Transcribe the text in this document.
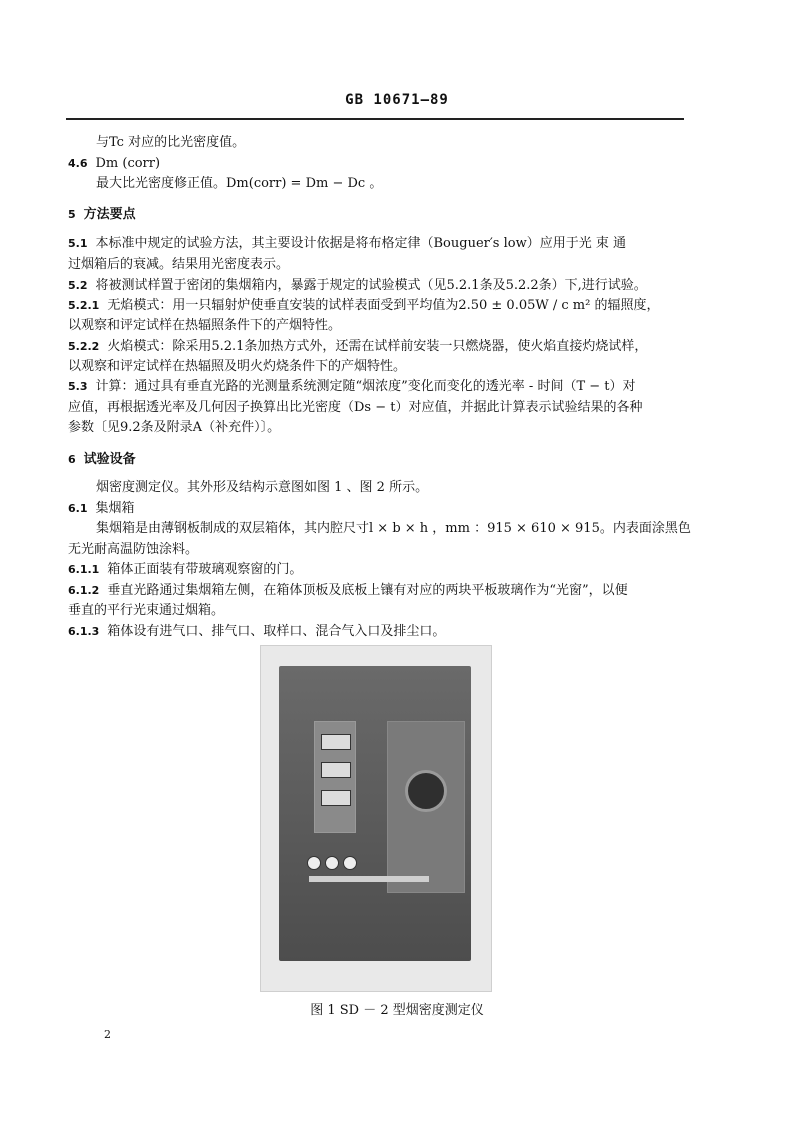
GB 10671—89
与Tc 对应的比光密度值。
4.6 Dm (corr)
最大比光密度修正值。Dm(corr) = Dm − Dc 。
5 方法要点
5.1 本标准中规定的试验方法，其主要设计依据是将布格定律（Bouguer′s low）应用于光 束 通
过烟箱后的衰减。结果用光密度表示。
5.2 将被测试样置于密闭的集烟箱内，暴露于规定的试验模式（见5.2.1条及5.2.2条）下,进行试验。
5.2.1 无焰模式：用一只辐射炉使垂直安装的试样表面受到平均值为2.50 ± 0.05W / c m² 的辐照度，
以观察和评定试样在热辐照条件下的产烟特性。
5.2.2 火焰模式：除采用5.2.1条加热方式外，还需在试样前安装一只燃烧器，使火焰直接灼烧试样，
以观察和评定试样在热辐照及明火灼烧条件下的产烟特性。
5.3 计算：通过具有垂直光路的光测量系统测定随“烟浓度”变化而变化的透光率 - 时间（T − t）对
应值，再根据透光率及几何因子换算出比光密度（Ds − t）对应值，并据此计算表示试验结果的各种
参数〔见9.2条及附录A（补充件）〕。
6 试验设备
烟密度测定仪。其外形及结构示意图如图 1 、图 2 所示。
6.1 集烟箱
集烟箱是由薄钢板制成的双层箱体，其内腔尺寸l × b × h ，mm ：915 × 610 × 915。内表面涂黑色
无光耐高温防蚀涂料。
6.1.1 箱体正面装有带玻璃观察窗的门。
6.1.2 垂直光路通过集烟箱左侧，在箱体顶板及底板上镶有对应的两块平板玻璃作为“光窗”，以便
垂直的平行光束通过烟箱。
6.1.3 箱体设有进气口、排气口、取样口、混合气入口及排尘口。
图 1 SD － 2 型烟密度测定仪
2
